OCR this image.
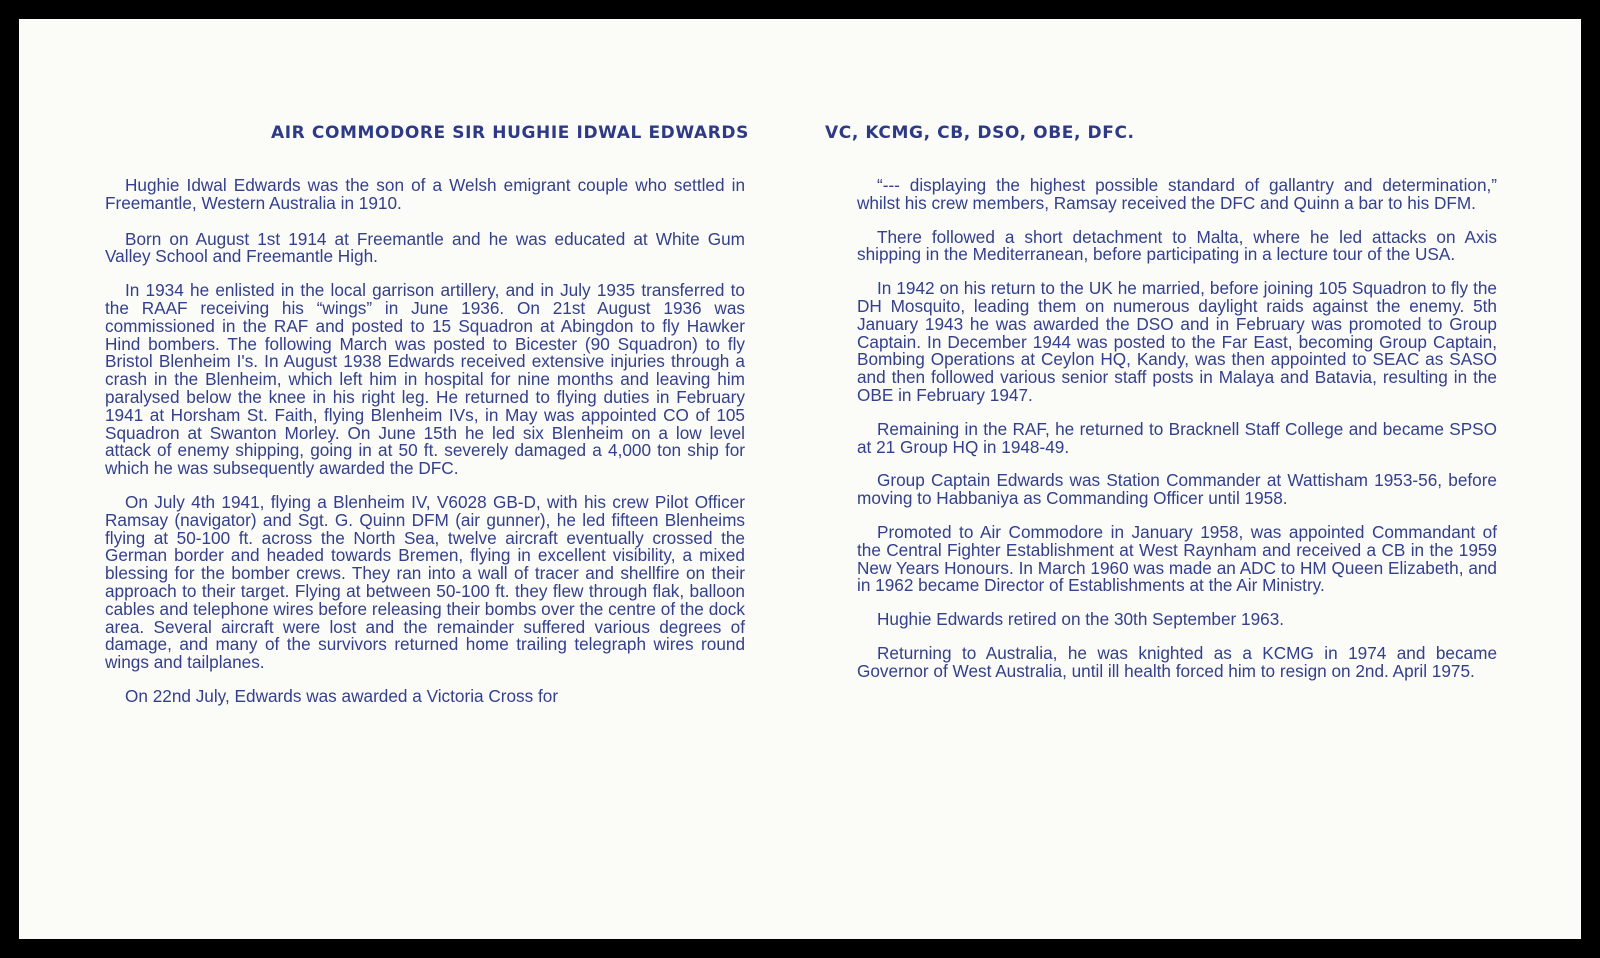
AIR COMMODORE SIR HUGHIE IDWAL EDWARDS	VC, KCMG, CB, DSO, OBE, DFC.

Hughie Idwal Edwards was the son of a Welsh emigrant couple who settled in Freemantle, Western Australia in 1910.

Born on August 1st 1914 at Freemantle and he was educated at White Gum Valley School and Freemantle High.

In 1934 he enlisted in the local garrison artillery, and in July 1935 transferred to the RAAF receiving his “wings” in June 1936. On 21st August 1936 was commissioned in the RAF and posted to 15 Squadron at Abingdon to fly Hawker Hind bombers. The following March was posted to Bicester (90 Squadron) to fly Bristol Blenheim I's. In August 1938 Edwards received extensive injuries through a crash in the Blenheim, which left him in hospital for nine months and leaving him paralysed below the knee in his right leg. He returned to flying duties in February 1941 at Horsham St. Faith, flying Blenheim IVs, in May was appointed CO of 105 Squadron at Swanton Morley. On June 15th he led six Blenheim on a low level attack of enemy shipping, going in at 50 ft. severely damaged a 4,000 ton ship for which he was subsequently awarded the DFC.

On July 4th 1941, flying a Blenheim IV, V6028 GB-D, with his crew Pilot Officer Ramsay (navigator) and Sgt. G. Quinn DFM (air gunner), he led fifteen Blenheims flying at 50-100 ft. across the North Sea, twelve aircraft eventually crossed the German border and headed towards Bremen, flying in excellent visibility, a mixed blessing for the bomber crews. They ran into a wall of tracer and shellfire on their approach to their target. Flying at between 50-100 ft. they flew through flak, balloon cables and telephone wires before releasing their bombs over the centre of the dock area. Several aircraft were lost and the remainder suffered various degrees of damage, and many of the survivors returned home trailing telegraph wires round wings and tailplanes.

On 22nd July, Edwards was awarded a Victoria Cross for

“--- displaying the highest possible standard of gallantry and determination,” whilst his crew members, Ramsay received the DFC and Quinn a bar to his DFM.

There followed a short detachment to Malta, where he led attacks on Axis shipping in the Mediterranean, before participating in a lecture tour of the USA.

In 1942 on his return to the UK he married, before joining 105 Squadron to fly the DH Mosquito, leading them on numerous daylight raids against the enemy. 5th January 1943 he was awarded the DSO and in February was promoted to Group Captain. In December 1944 was posted to the Far East, becoming Group Captain, Bombing Operations at Ceylon HQ, Kandy, was then appointed to SEAC as SASO and then followed various senior staff posts in Malaya and Batavia, resulting in the OBE in February 1947.

Remaining in the RAF, he returned to Bracknell Staff College and became SPSO at 21 Group HQ in 1948-49.

Group Captain Edwards was Station Commander at Wattisham 1953-56, before moving to Habbaniya as Commanding Officer until 1958.

Promoted to Air Commodore in January 1958, was appointed Commandant of the Central Fighter Establishment at West Raynham and received a CB in the 1959 New Years Honours. In March 1960 was made an ADC to HM Queen Elizabeth, and in 1962 became Director of Establishments at the Air Ministry.

Hughie Edwards retired on the 30th September 1963.

Returning to Australia, he was knighted as a KCMG in 1974 and became Governor of West Australia, until ill health forced him to resign on 2nd. April 1975.
